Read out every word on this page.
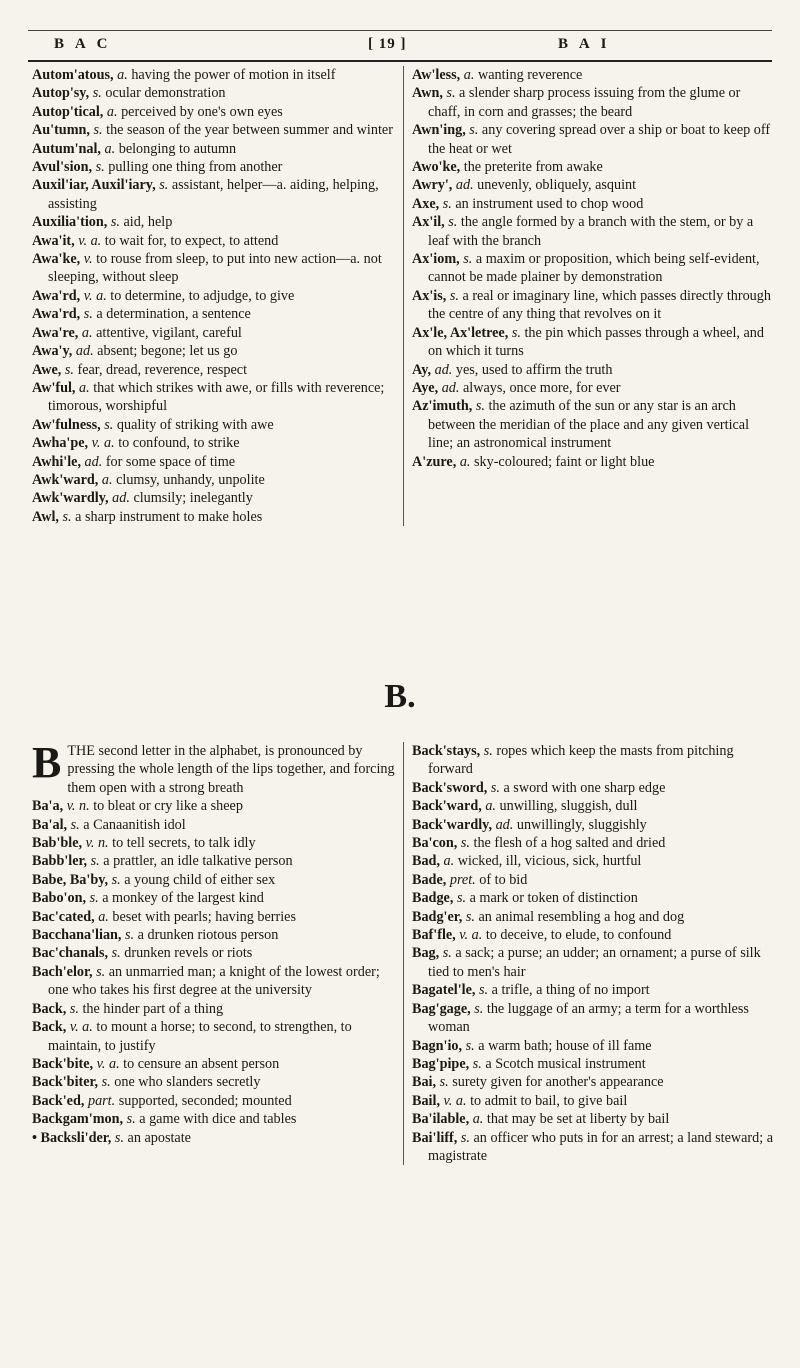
B A C	[ 19 ]	B A I
Autom'atous, a. having the power of motion in itself
Autop'sy, s. ocular demonstration
Autop'tical, a. perceived by one's own eyes
Au'tumn, s. the season of the year between summer and winter
Autum'nal, a. belonging to autumn
Avul'sion, s. pulling one thing from another
Auxil'iar, Auxil'iary, s. assistant, helper—a. aiding, helping, assisting
Auxilia'tion, s. aid, help
Awa'it, v. a. to wait for, to expect, to attend
Awa'ke, v. to rouse from sleep, to put into new action—a. not sleeping, without sleep
Awa'rd, v. a. to determine, to adjudge, to give
Awa'rd, s. a determination, a sentence
Awa're, a. attentive, vigilant, careful
Awa'y, ad. absent; begone; let us go
Awe, s. fear, dread, reverence, respect
Aw'ful, a. that which strikes with awe, or fills with reverence; timorous, worshipful
Aw'fulness, s. quality of striking with awe
Awha'pe, v. a. to confound, to strike
Awhi'le, ad. for some space of time
Awk'ward, a. clumsy, unhandy, unpolite
Awk'wardly, ad. clumsily; inelegantly
Awl, s. a sharp instrument to make holes
Aw'less, a. wanting reverence
Awn, s. a slender sharp process issuing from the glume or chaff, in corn and grasses; the beard
Awn'ing, s. any covering spread over a ship or boat to keep off the heat or wet
Awo'ke, the preterite from awake
Awry', ad. unevenly, obliquely, asquint
Axe, s. an instrument used to chop wood
Ax'il, s. the angle formed by a branch with the stem, or by a leaf with the branch
Ax'iom, s. a maxim or proposition, which being self-evident, cannot be made plainer by demonstration
Ax'is, s. a real or imaginary line, which passes directly through the centre of any thing that revolves on it
Ax'le, Ax'letree, s. the pin which passes through a wheel, and on which it turns
Ay, ad. yes, used to affirm the truth
Aye, ad. always, once more, for ever
Az'imuth, s. the azimuth of the sun or any star is an arch between the meridian of the place and any given vertical line; an astronomical instrument
A'zure, a. sky-coloured; faint or light blue
B.
BTHE second letter in the alphabet, is pronounced by pressing the whole length of the lips together, and forcing them open with a strong breath
Ba'a, v. n. to bleat or cry like a sheep
Ba'al, s. a Canaanitish idol
Bab'ble, v. n. to tell secrets, to talk idly
Babb'ler, s. a prattler, an idle talkative person
Babe, Ba'by, s. a young child of either sex
Babo'on, s. a monkey of the largest kind
Bac'cated, a. beset with pearls; having berries
Bacchana'lian, s. a drunken riotous person
Bac'chanals, s. drunken revels or riots
Bach'elor, s. an unmarried man; a knight of the lowest order; one who takes his first degree at the university
Back, s. the hinder part of a thing
Back, v. a. to mount a horse; to second, to strengthen, to maintain, to justify
Back'bite, v. a. to censure an absent person
Back'biter, s. one who slanders secretly
Back'ed, part. supported, seconded; mounted
Backgam'mon, s. a game with dice and tables
• Backsli'der, s. an apostate
Back'stays, s. ropes which keep the masts from pitching forward
Back'sword, s. a sword with one sharp edge
Back'ward, a. unwilling, sluggish, dull
Back'wardly, ad. unwillingly, sluggishly
Ba'con, s. the flesh of a hog salted and dried
Bad, a. wicked, ill, vicious, sick, hurtful
Bade, pret. of to bid
Badge, s. a mark or token of distinction
Badg'er, s. an animal resembling a hog and dog
Baf'fle, v. a. to deceive, to elude, to confound
Bag, s. a sack; a purse; an udder; an ornament; a purse of silk tied to men's hair
Bagatel'le, s. a trifle, a thing of no import
Bag'gage, s. the luggage of an army; a term for a worthless woman
Bagn'io, s. a warm bath; house of ill fame
Bag'pipe, s. a Scotch musical instrument
Bai, s. surety given for another's appearance
Bail, v. a. to admit to bail, to give bail
Ba'ilable, a. that may be set at liberty by bail
Bai'liff, s. an officer who puts in for an arrest; a land steward; a magistrate
